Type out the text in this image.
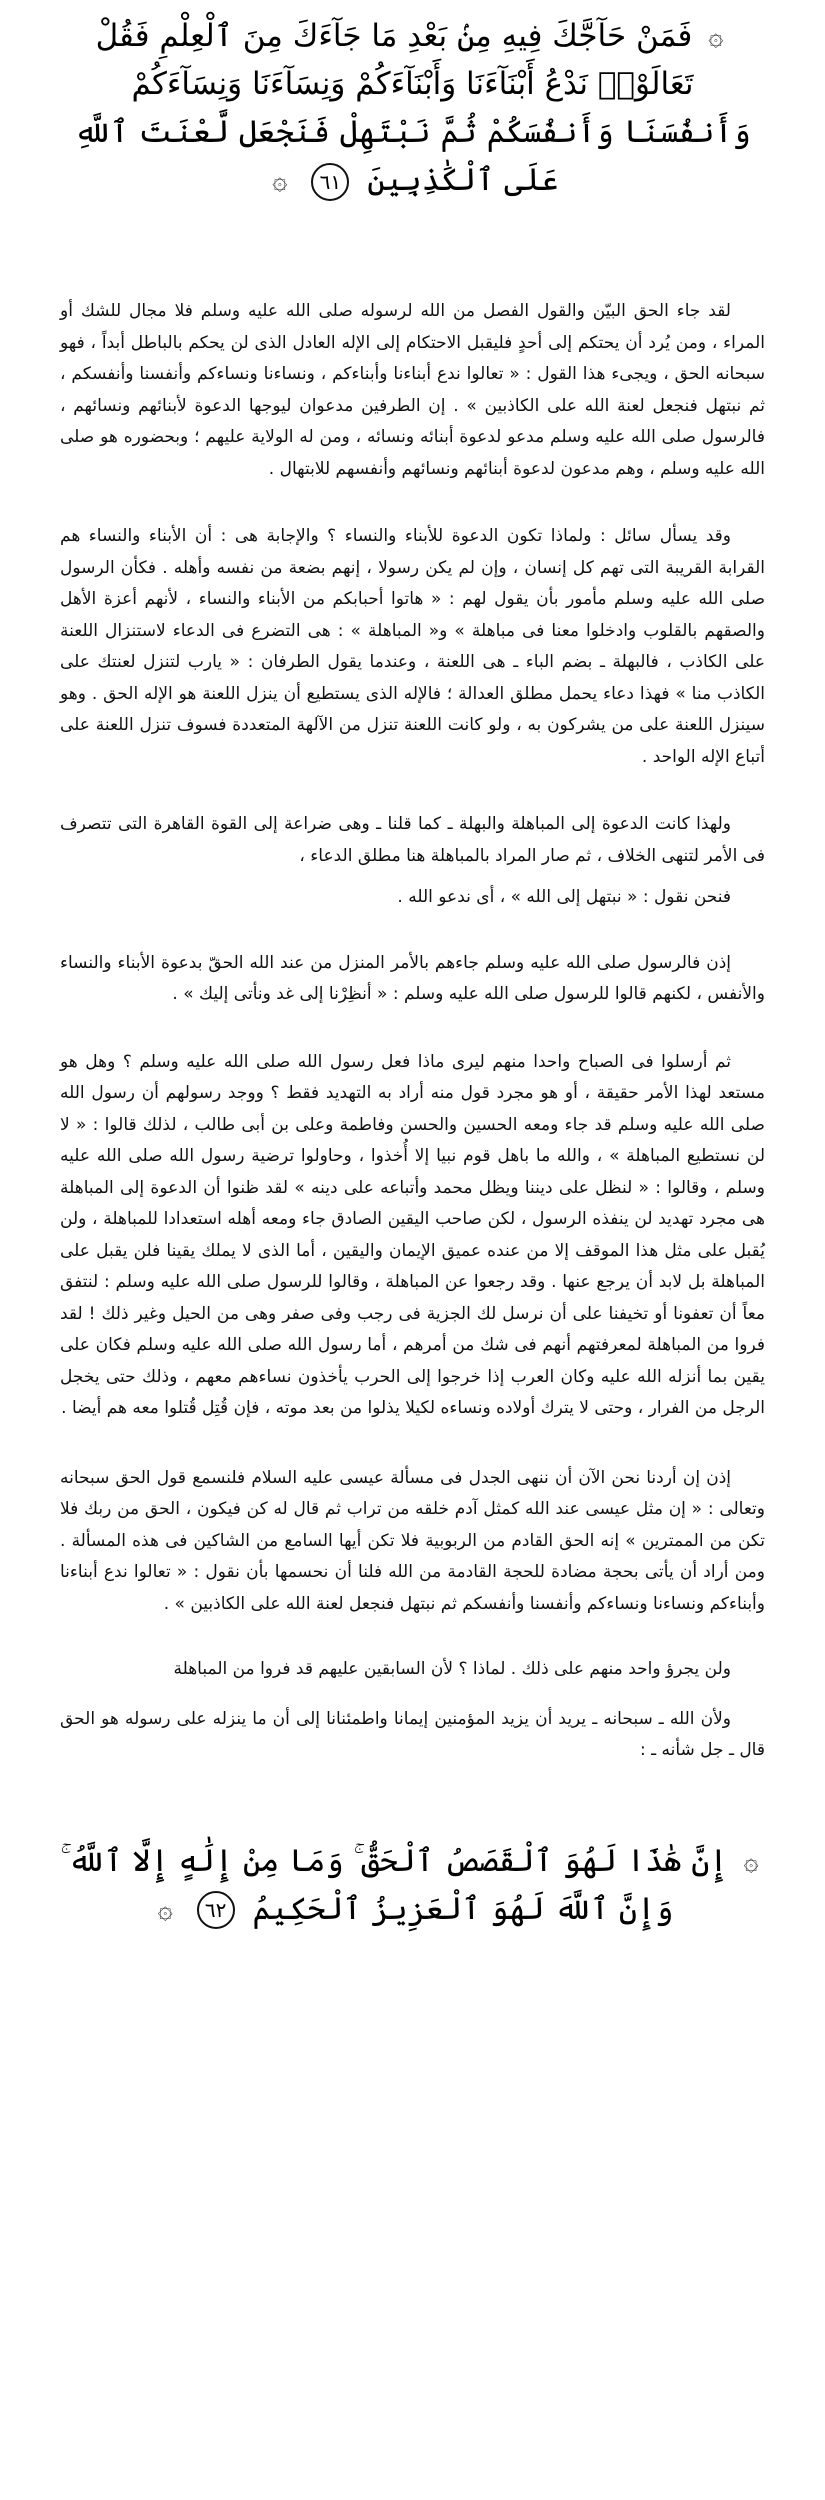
۞ فَمَنْ حَآجَّكَ فِيهِ مِنۢ بَعْدِ مَا جَآءَكَ مِنَ ٱلْعِلْمِ فَقُلْ
تَعَالَوْا۟ نَدْعُ أَبْنَآءَنَا وَأَبْنَآءَكُمْ وَنِسَآءَنَا وَنِسَآءَكُمْ
وَأَنفُسَنَا وَأَنفُسَكُمْ ثُمَّ نَبْتَهِلْ فَنَجْعَل لَّعْنَتَ ٱللَّهِ
عَلَى ٱلْكَٰذِبِينَ ٦١ ۞

لقد جاء الحق البيّن والقول الفصل من الله لرسوله صلى الله عليه وسلم فلا مجال للشك أو المراء ، ومن يُرد أن يحتكم إلى أحدٍ فليقبل الاحتكام إلى الإله العادل الذى لن يحكم بالباطل أبداً ، فهو سبحانه الحق ، ويجىء هذا القول : « تعالوا ندع أبناءنا وأبناءكم ، ونساءنا ونساءكم وأنفسنا وأنفسكم ، ثم نبتهل فنجعل لعنة الله على الكاذبين » . إن الطرفين مدعوان ليوجها الدعوة لأبنائهم ونسائهم ، فالرسول صلى الله عليه وسلم مدعو لدعوة أبنائه ونسائه ، ومن له الولاية عليهم ؛ وبحضوره هو صلى الله عليه وسلم ، وهم مدعون لدعوة أبنائهم ونسائهم وأنفسهم للابتهال .

وقد يسأل سائل : ولماذا تكون الدعوة للأبناء والنساء ؟ والإجابة هى : أن الأبناء والنساء هم القرابة القريبة التى تهم كل إنسان ، وإن لم يكن رسولا ، إنهم بضعة من نفسه وأهله . فكأن الرسول صلى الله عليه وسلم مأمور بأن يقول لهم : « هاتوا أحبابكم من الأبناء والنساء ، لأنهم أعزة الأهل والصقهم بالقلوب وادخلوا معنا فى مباهلة » و« المباهلة » : هى التضرع فى الدعاء لاستنزال اللعنة على الكاذب ، فالبهلة ـ بضم الباء ـ هى اللعنة ، وعندما يقول الطرفان : « يارب لتنزل لعنتك على الكاذب منا » فهذا دعاء يحمل مطلق العدالة ؛ فالإله الذى يستطيع أن ينزل اللعنة هو الإله الحق . وهو سينزل اللعنة على من يشركون به ، ولو كانت اللعنة تنزل من الآلهة المتعددة فسوف تنزل اللعنة على أتباع الإله الواحد .

ولهذا كانت الدعوة إلى المباهلة والبهلة ـ كما قلنا ـ وهى ضراعة إلى القوة القاهرة التى تتصرف فى الأمر لتنهى الخلاف ، ثم صار المراد بالمباهلة هنا مطلق الدعاء ،

فنحن نقول : « نبتهل إلى الله » ، أى ندعو الله .

إذن فالرسول صلى الله عليه وسلم جاءهم بالأمر المنزل من عند الله الحقّ بدعوة الأبناء والنساء والأنفس ، لكنهم قالوا للرسول صلى الله عليه وسلم : « أنظِرْنا إلى غد ونأتى إليك » .

ثم أرسلوا فى الصباح واحدا منهم ليرى ماذا فعل رسول الله صلى الله عليه وسلم ؟ وهل هو مستعد لهذا الأمر حقيقة ، أو هو مجرد قول منه أراد به التهديد فقط ؟ ووجد رسولهم أن رسول الله صلى الله عليه وسلم قد جاء ومعه الحسين والحسن وفاطمة وعلى بن أبى طالب ، لذلك قالوا : « لا لن نستطيع المباهلة » ، والله ما باهل قوم نبيا إلا أُخذوا ، وحاولوا ترضية رسول الله صلى الله عليه وسلم ، وقالوا : « لنظل على ديننا ويظل محمد وأتباعه على دينه » لقد ظنوا أن الدعوة إلى المباهلة هى مجرد تهديد لن ينفذه الرسول ، لكن صاحب اليقين الصادق جاء ومعه أهله استعدادا للمباهلة ، ولن يُقبل على مثل هذا الموقف إلا من عنده عميق الإيمان واليقين ، أما الذى لا يملك يقينا فلن يقبل على المباهلة بل لابد أن يرجع عنها . وقد رجعوا عن المباهلة ، وقالوا للرسول صلى الله عليه وسلم : لنتفق معاً أن تعفونا أو تخيفنا على أن نرسل لك الجزية فى رجب وفى صفر وهى من الحيل وغير ذلك ! لقد فروا من المباهلة لمعرفتهم أنهم فى شك من أمرهم ، أما رسول الله صلى الله عليه وسلم فكان على يقين بما أنزله الله عليه وكان العرب إذا خرجوا إلى الحرب يأخذون نساءهم معهم ، وذلك حتى يخجل الرجل من الفرار ، وحتى لا يترك أولاده ونساءه لكيلا يذلوا من بعد موته ، فإن قُتِل قُتلوا معه هم أيضا .

إذن إن أردنا نحن الآن أن ننهى الجدل فى مسألة عيسى عليه السلام فلنسمع قول الحق سبحانه وتعالى : « إن مثل عيسى عند الله كمثل آدم خلقه من تراب ثم قال له كن فيكون ، الحق من ربك فلا تكن من الممترين » إنه الحق القادم من الربوبية فلا تكن أيها السامع من الشاكين فى هذه المسألة . ومن أراد أن يأتى بحجة مضادة للحجة القادمة من الله فلنا أن نحسمها بأن نقول : « تعالوا ندع أبناءنا وأبناءكم ونساءنا ونساءكم وأنفسنا وأنفسكم ثم نبتهل فنجعل لعنة الله على الكاذبين » .

ولن يجرؤ واحد منهم على ذلك . لماذا ؟ لأن السابقين عليهم قد فروا من المباهلة

ولأن الله ـ سبحانه ـ يريد أن يزيد المؤمنين إيمانا واطمئنانا إلى أن ما ينزله على رسوله هو الحق قال ـ جل شأنه ـ :

۞ إِنَّ هَٰذَا لَهُوَ ٱلْقَصَصُ ٱلْحَقُّ ۚ وَمَا مِنْ إِلَٰهٍ إِلَّا ٱللَّهُ ۚ
وَإِنَّ ٱللَّهَ لَهُوَ ٱلْعَزِيزُ ٱلْحَكِيمُ ٦٢ ۞
